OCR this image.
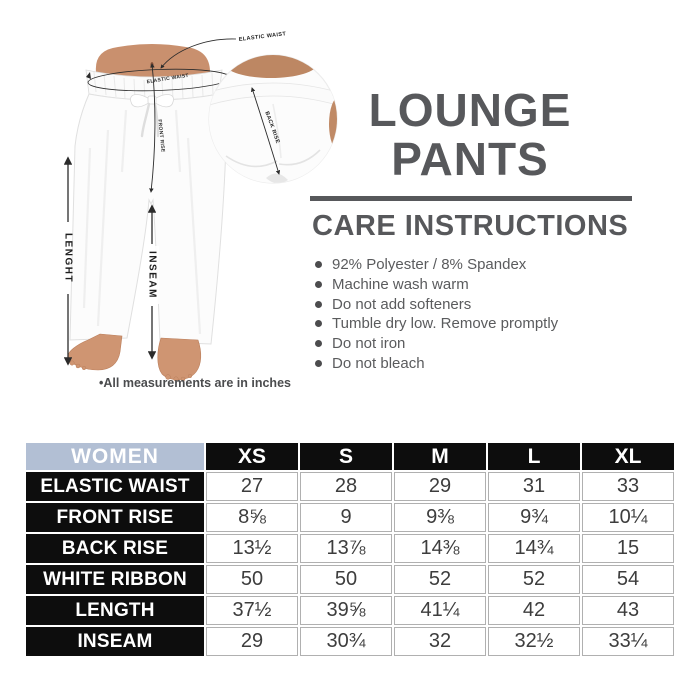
ELASTIC WAIST
ELASTIC WAIST
FRONT RISE
LENGHT	INSEAM
BACK RISE
•All measurements are in inches
LOUNGE
PANTS
CARE INSTRUCTIONS
92% Polyester / 8% Spandex
Machine wash warm
Do not add softeners
Tumble dry low. Remove promptly
Do not iron
Do not bleach
WOMEN	XS	S	M	L	XL
ELASTIC WAIST	27	28	29	31	33
FRONT RISE	8⅝	9	9⅜	9¾	10¼
BACK RISE	13½	13⅞	14⅜	14¾	15
WHITE RIBBON	50	50	52	52	54
LENGTH	37½	39⅝	41¼	42	43
INSEAM	29	30¾	32	32½	33¼
